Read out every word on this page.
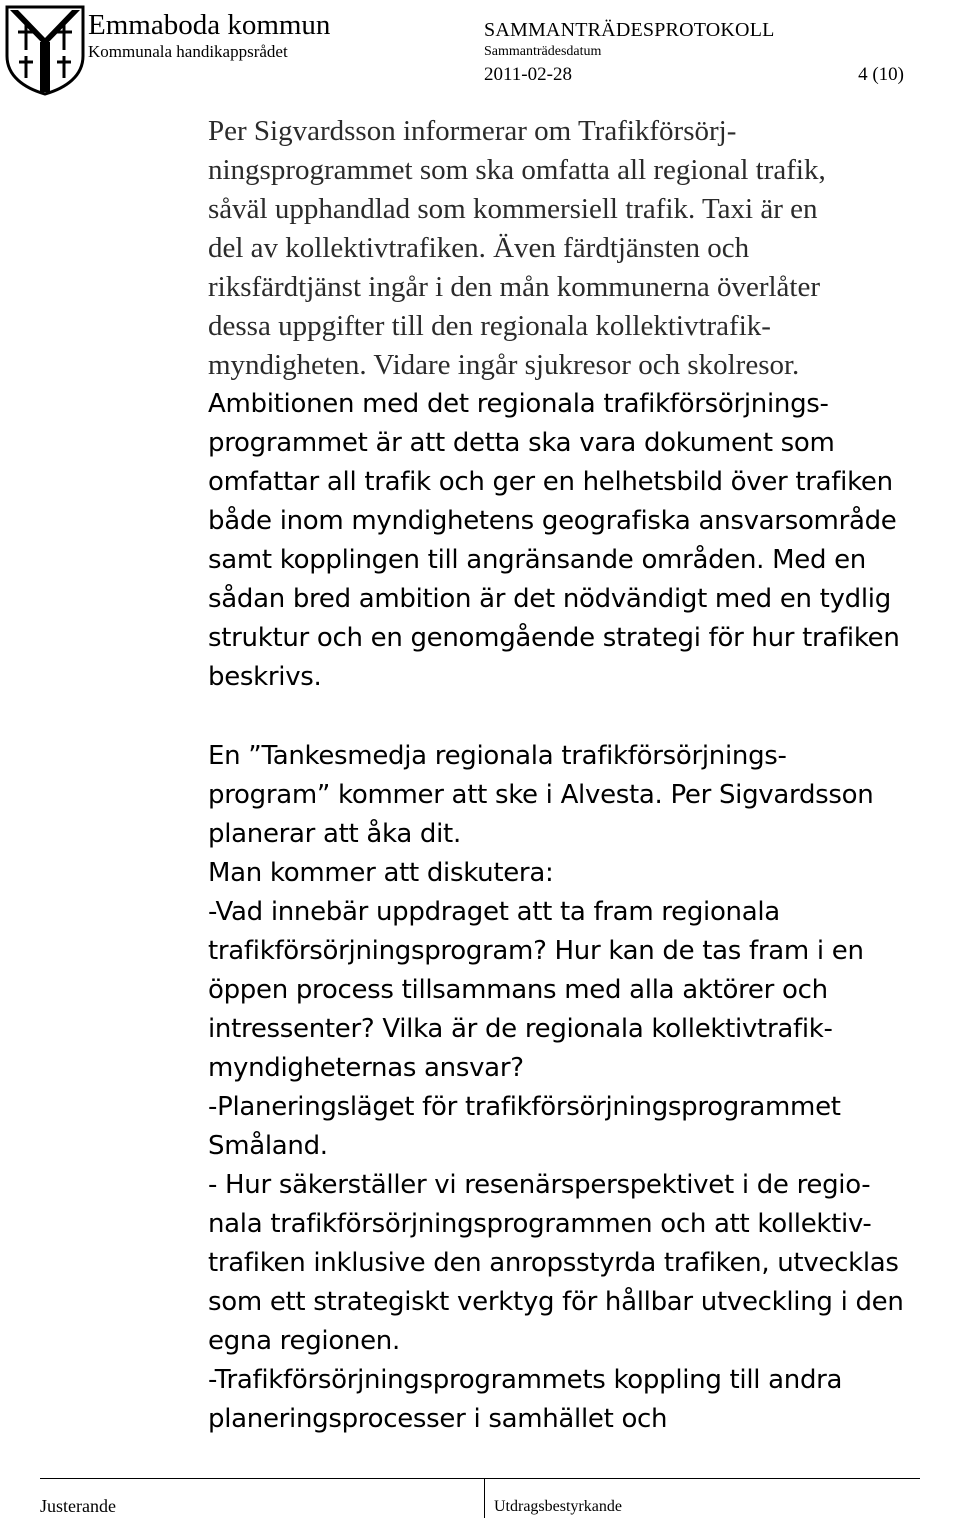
Emmaboda kommun
Kommunala handikappsrådet
SAMMANTRÄDESPROTOKOLL
Sammanträdesdatum
2011-02-28	4 (10)
Per Sigvardsson informerar om Trafikförsörj-
ningsprogrammet som ska omfatta all regional trafik,
såväl upphandlad som kommersiell trafik. Taxi är en
del av kollektivtrafiken. Även färdtjänsten och
riksfärdtjänst ingår i den mån kommunerna överlåter
dessa uppgifter till den regionala kollektivtrafik-
myndigheten. Vidare ingår sjukresor och skolresor.
Ambitionen med det regionala trafikförsörjnings-
programmet är att detta ska vara dokument som
omfattar all trafik och ger en helhetsbild över trafiken
både inom myndighetens geografiska ansvarsområde
samt kopplingen till angränsande områden. Med en
sådan bred ambition är det nödvändigt med en tydlig
struktur och en genomgående strategi för hur trafiken
beskrivs.
En ”Tankesmedja regionala trafikförsörjnings-
program” kommer att ske i Alvesta. Per Sigvardsson
planerar att åka dit.
Man kommer att diskutera:
-Vad innebär uppdraget att ta fram regionala
trafikförsörjningsprogram? Hur kan de tas fram i en
öppen process tillsammans med alla aktörer och
intressenter? Vilka är de regionala kollektivtrafik-
myndigheternas ansvar?
-Planeringsläget för trafikförsörjningsprogrammet
Småland.
- Hur säkerställer vi resenärsperspektivet i de regio-
nala trafikförsörjningsprogrammen och att kollektiv-
trafiken inklusive den anropsstyrda trafiken, utvecklas
som ett strategiskt verktyg för hållbar utveckling i den
egna regionen.
-Trafikförsörjningsprogrammets koppling till andra
planeringsprocesser i samhället och
Justerande	Utdragsbestyrkande
